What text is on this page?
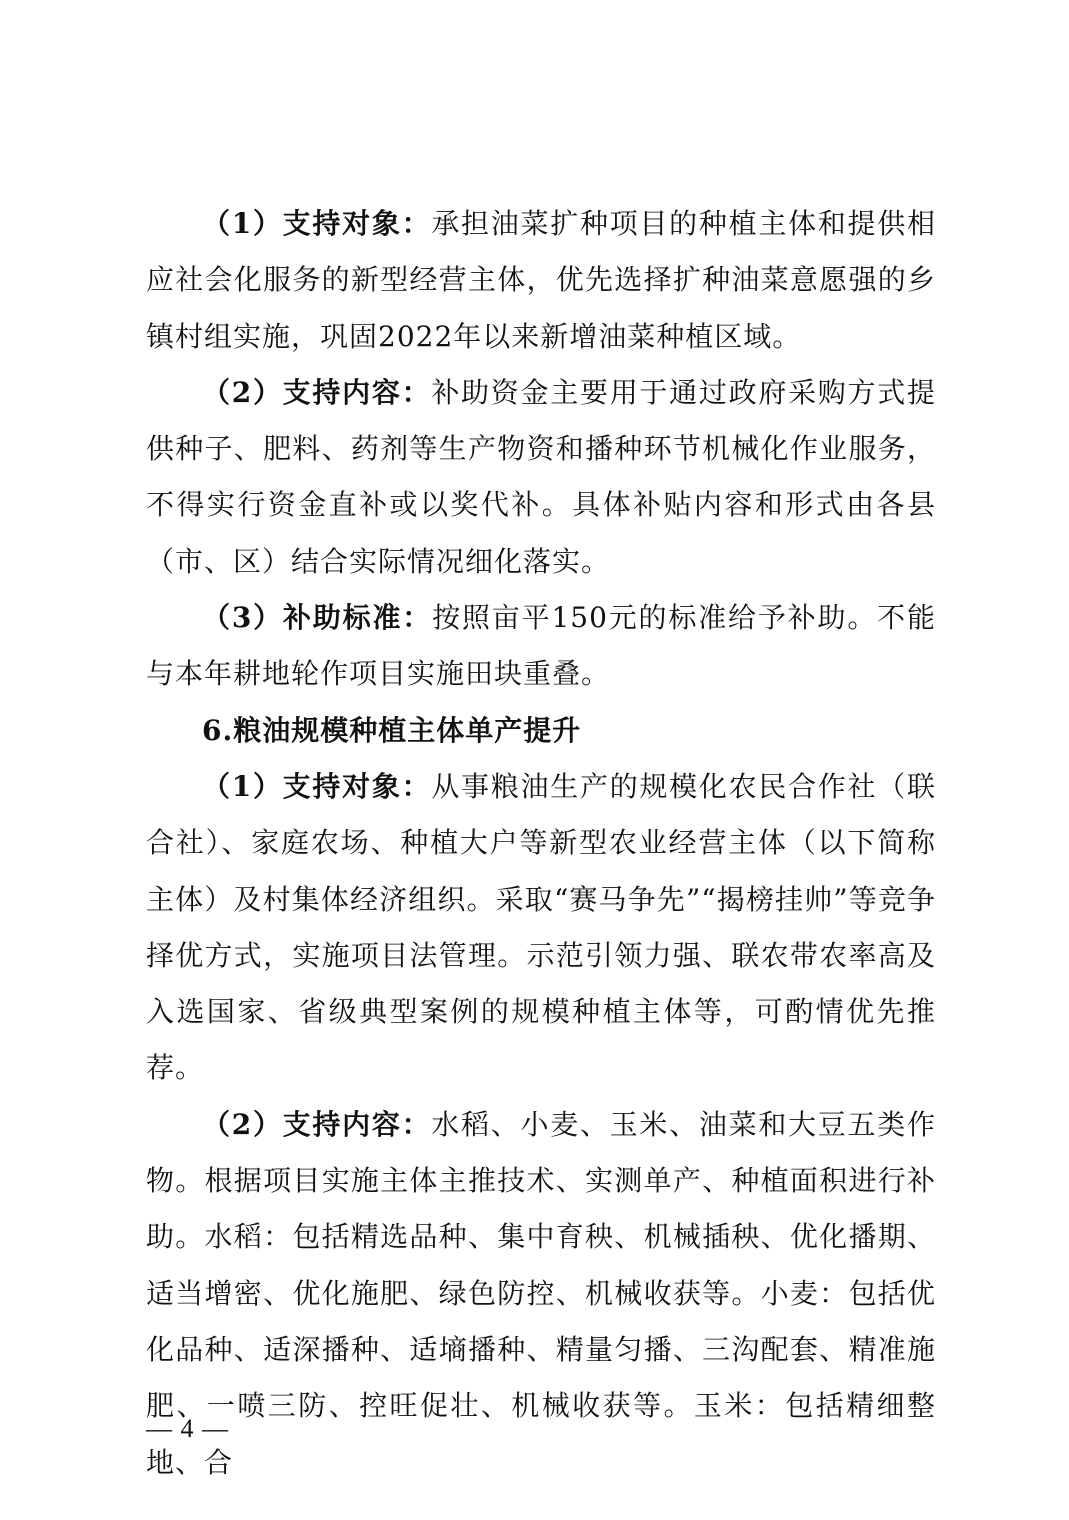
（1）支持对象：承担油菜扩种项目的种植主体和提供相应社会化服务的新型经营主体，优先选择扩种油菜意愿强的乡镇村组实施，巩固2022年以来新增油菜种植区域。

（2）支持内容：补助资金主要用于通过政府采购方式提供种子、肥料、药剂等生产物资和播种环节机械化作业服务，不得实行资金直补或以奖代补。具体补贴内容和形式由各县（市、区）结合实际情况细化落实。

（3）补助标准：按照亩平150元的标准给予补助。不能与本年耕地轮作项目实施田块重叠。

6.粮油规模种植主体单产提升

（1）支持对象：从事粮油生产的规模化农民合作社（联合社）、家庭农场、种植大户等新型农业经营主体（以下简称主体）及村集体经济组织。采取“赛马争先”“揭榜挂帅”等竞争择优方式，实施项目法管理。示范引领力强、联农带农率高及入选国家、省级典型案例的规模种植主体等，可酌情优先推荐。

（2）支持内容：水稻、小麦、玉米、油菜和大豆五类作物。根据项目实施主体主推技术、实测单产、种植面积进行补助。水稻：包括精选品种、集中育秧、机械插秧、优化播期、适当增密、优化施肥、绿色防控、机械收获等。小麦：包括优化品种、适深播种、适墒播种、精量匀播、三沟配套、精准施肥、一喷三防、控旺促壮、机械收获等。玉米：包括精细整地、合

— 4 —
